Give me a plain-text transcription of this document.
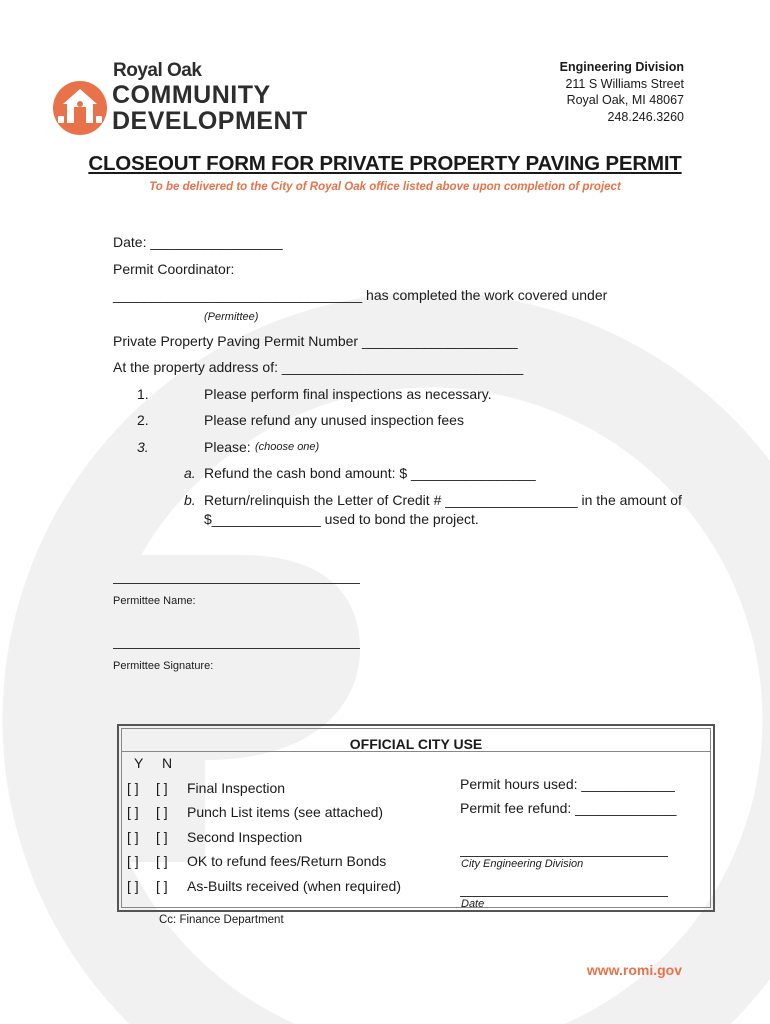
Royal Oak
COMMUNITY
DEVELOPMENT
Engineering Division
211 S Williams Street
Royal Oak, MI 48067
248.246.3260
CLOSEOUT FORM FOR PRIVATE PROPERTY PAVING PERMIT
To be delivered to the City of Royal Oak office listed above upon completion of project
Date: _________________
Permit Coordinator:
________________________________ has completed the work covered under
(Permittee)
Private Property Paving Permit Number ____________________
At the property address of: _______________________________
1.	Please perform final inspections as necessary.
2.	Please refund any unused inspection fees
3.	Please: (choose one)
a. Refund the cash bond amount: $ ________________
b. Return/relinquish the Letter of Credit # _________________ in the amount of
$______________ used to bond the project.
Permittee Name:
Permittee Signature:
OFFICIAL CITY USE
Y N
[ ] [ ] Final Inspection
[ ] [ ] Punch List items (see attached)
[ ] [ ] Second Inspection
[ ] [ ] OK to refund fees/Return Bonds
[ ] [ ] As-Builts received (when required)
Permit hours used: ____________
Permit fee refund: _____________
City Engineering Division
Date
Cc: Finance Department
www.romi.gov
